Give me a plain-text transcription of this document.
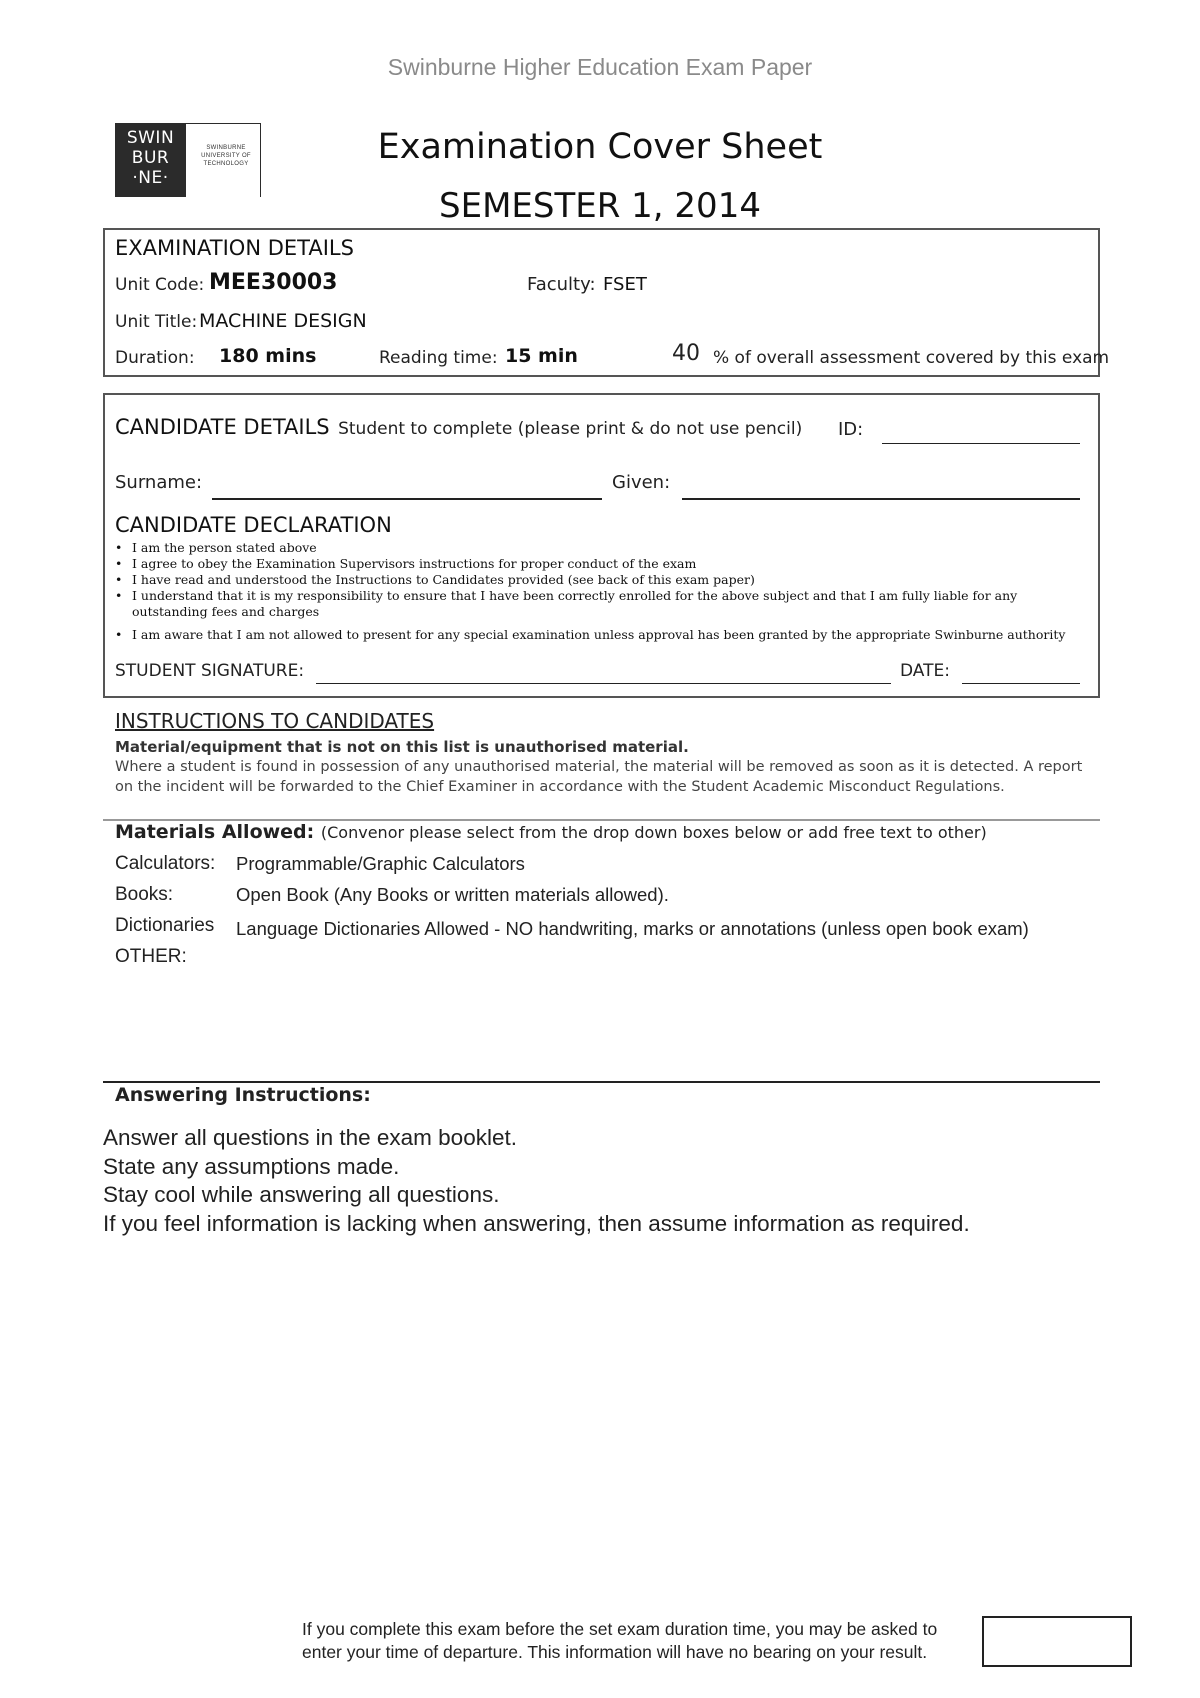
Swinburne Higher Education Exam Paper
SWIN
BUR
·NE·
SWINBURNE
UNIVERSITY OF
TECHNOLOGY	Examination Cover Sheet
SEMESTER 1, 2014
EXAMINATION DETAILS
Unit Code: MEE30003	Faculty: FSET
Unit Title: MACHINE DESIGN
Duration: 180 mins	Reading time: 15 min	40 % of overall assessment covered by this exam
CANDIDATE DETAILS Student to complete (please print & do not use pencil) ID:
Surname:	Given:
CANDIDATE DECLARATION
• I am the person stated above
• I agree to obey the Examination Supervisors instructions for proper conduct of the exam
• I have read and understood the Instructions to Candidates provided (see back of this exam paper)
• I understand that it is my responsibility to ensure that I have been correctly enrolled for the above subject and that I am fully liable for any outstanding fees and charges
• I am aware that I am not allowed to present for any special examination unless approval has been granted by the appropriate Swinburne authority
STUDENT SIGNATURE:	DATE:
INSTRUCTIONS TO CANDIDATES
Material/equipment that is not on this list is unauthorised material.
Where a student is found in possession of any unauthorised material, the material will be removed as soon as it is detected. A report on the incident will be forwarded to the Chief Examiner in accordance with the Student Academic Misconduct Regulations.
Materials Allowed: (Convenor please select from the drop down boxes below or add free text to other)
Calculators: Programmable/Graphic Calculators
Books:	Open Book (Any Books or written materials allowed).
Dictionaries Language Dictionaries Allowed - NO handwriting, marks or annotations (unless open book exam)
OTHER:
Answering Instructions:
Answer all questions in the exam booklet.
State any assumptions made.
Stay cool while answering all questions.
If you feel information is lacking when answering, then assume information as required.
If you complete this exam before the set exam duration time, you may be asked to
enter your time of departure. This information will have no bearing on your result.
